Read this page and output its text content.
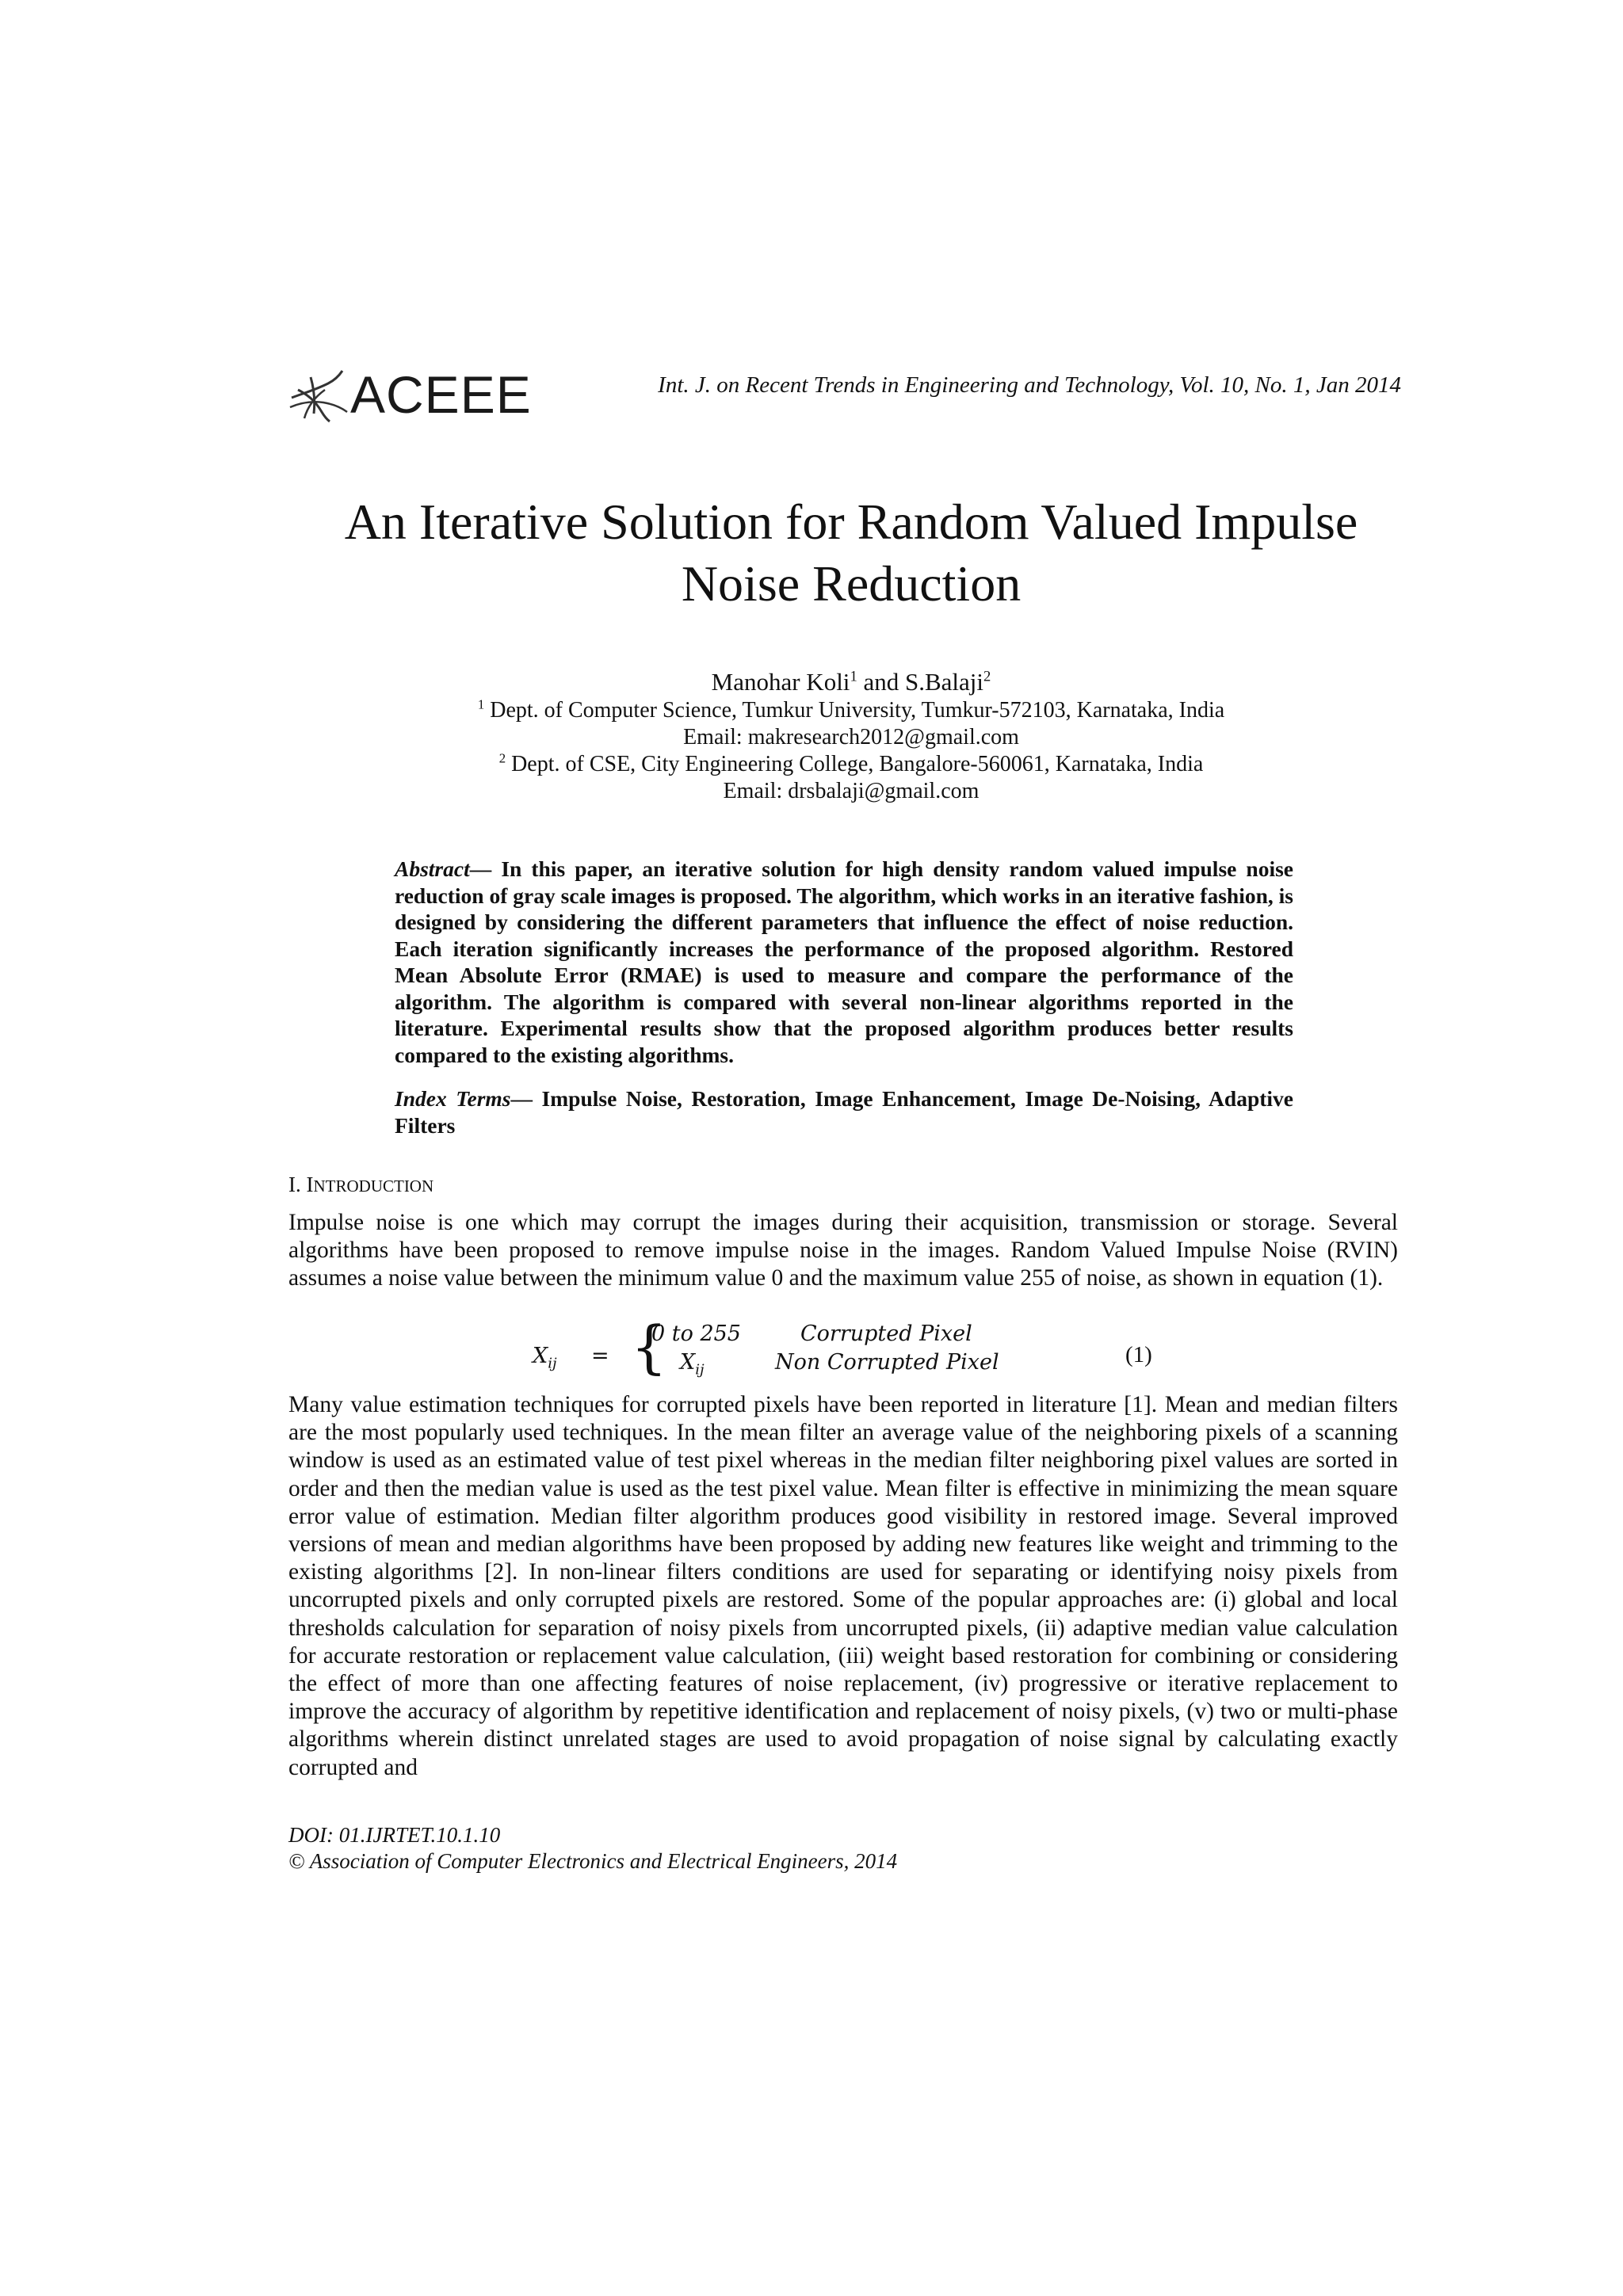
ACEEE	Int. J. on Recent Trends in Engineering and Technology, Vol. 10, No. 1, Jan 2014
An Iterative Solution for Random Valued Impulse
Noise Reduction
Manohar Koli$^1$ and S.Balaji$^2$
$^1$ Dept. of Computer Science, Tumkur University, Tumkur-572103, Karnataka, India
Email: makresearch2012@gmail.com
$^2$ Dept. of CSE, City Engineering College, Bangalore-560061, Karnataka, India
Email: drsbalaji@gmail.com
Abstract— In this paper, an iterative solution for high density random valued impulse noise reduction of gray scale images is proposed. The algorithm, which works in an iterative fashion, is designed by considering the different parameters that influence the effect of noise reduction. Each iteration significantly increases the performance of the proposed algorithm. Restored Mean Absolute Error (RMAE) is used to measure and compare the performance of the algorithm. The algorithm is compared with several non-linear algorithms reported in the literature. Experimental results show that the proposed algorithm produces better results compared to the existing algorithms.
Index Terms— Impulse Noise, Restoration, Image Enhancement, Image De-Noising, Adaptive Filters
I. INTRODUCTION
Impulse noise is one which may corrupt the images during their acquisition, transmission or storage. Several algorithms have been proposed to remove impulse noise in the images. Random Valued Impulse Noise (RVIN) assumes a noise value between the minimum value 0 and the maximum value 255 of noise, as shown in equation (1).
$X_{ij}$ = {
0 to 255	Corrupted Pixel
$X_{ij}$	Non Corrupted Pixel	(1)
Many value estimation techniques for corrupted pixels have been reported in literature [1]. Mean and median filters are the most popularly used techniques. In the mean filter an average value of the neighboring pixels of a scanning window is used as an estimated value of test pixel whereas in the median filter neighboring pixel values are sorted in order and then the median value is used as the test pixel value. Mean filter is effective in minimizing the mean square error value of estimation. Median filter algorithm produces good visibility in restored image. Several improved versions of mean and median algorithms have been proposed by adding new features like weight and trimming to the existing algorithms [2]. In non-linear filters conditions are used for separating or identifying noisy pixels from uncorrupted pixels and only corrupted pixels are restored. Some of the popular approaches are: (i) global and local thresholds calculation for separation of noisy pixels from uncorrupted pixels, (ii) adaptive median value calculation for accurate restoration or replacement value calculation, (iii) weight based restoration for combining or considering the effect of more than one affecting features of noise replacement, (iv) progressive or iterative replacement to improve the accuracy of algorithm by repetitive identification and replacement of noisy pixels, (v) two or multi-phase algorithms wherein distinct unrelated stages are used to avoid propagation of noise signal by calculating exactly corrupted and
DOI: 01.IJRTET.10.1.10
© Association of Computer Electronics and Electrical Engineers, 2014
